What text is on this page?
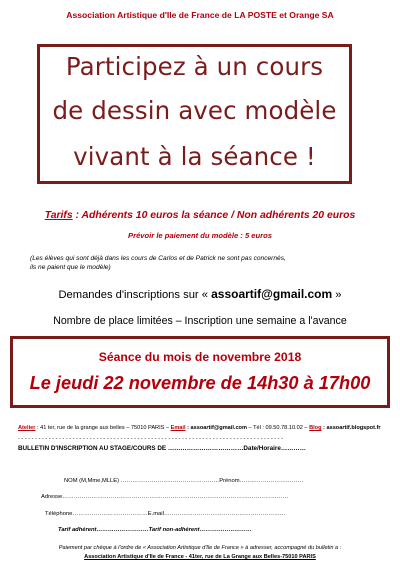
Association Artistique d'Ile de France de LA POSTE et Orange SA
Participez à un cours
de dessin avec modèle
vivant à la séance !
Tarifs : Adhérents 10 euros la séance / Non adhérents 20 euros
Prévoir le paiement du modèle : 5 euros
(Les élèves qui sont déjà dans les cours de Carlos et de Patrick ne sont pas concernés,
ils ne paient que le modèle)
Demandes d'inscriptions sur « assoartif@gmail.com »
Nombre de place limitées – Inscription une semaine a l'avance
Séance du mois de novembre 2018
Le jeudi 22 novembre de 14h30 à 17h00
Atelier : 41 ter, rue de la grange aux belles – 75010 PARIS – Email : assoartif@gmail.com – Tél : 09.50.78.10.02 – Blog : assoartif.blogspot.fr
- - - - - - - - - - - - - - - - - - - - - - - - - - - - - - - - - - - - - - - - - - - - - - - - - - - - - - - - - - - - - - - - - - - - - - - - - - - - - -
BULLETIN D'INSCRIPTION AU STAGE/COURS DE ………………………………Date/Horaire…………
NOM (M,Mme,MLLE) ……………………………………………Prénom……………………………
Adresse………………………………………………………………………………………………………
Téléphone…………………………………E.mail………………………………………………………
Tarif adhérent………………………Tarif non-adhérent………………………
Paiement par chèque à l'ordre de « Association Artistique d'Ile de France » à adresser, accompagné du bulletin a :
Association Artistique d'Ile de France - 41ter, rue de La Grange aux Belles-75010 PARIS
